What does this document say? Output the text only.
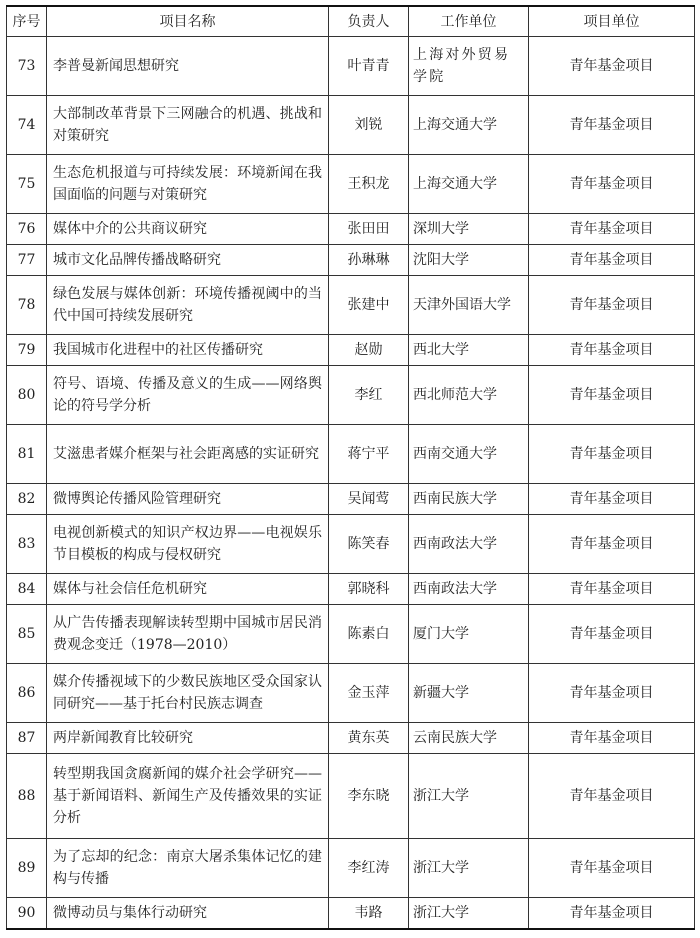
序号	项目名称	负责人	工作单位	项目单位
73	李普曼新闻思想研究	叶青青	上海对外贸易学院	青年基金项目
74	大部制改革背景下三网融合的机遇、挑战和对策研究	刘锐	上海交通大学	青年基金项目
75	生态危机报道与可持续发展：环境新闻在我国面临的问题与对策研究	王积龙	上海交通大学	青年基金项目
76	媒体中介的公共商议研究	张田田	深圳大学	青年基金项目
77	城市文化品牌传播战略研究	孙琳琳	沈阳大学	青年基金项目
78	绿色发展与媒体创新：环境传播视阈中的当代中国可持续发展研究	张建中	天津外国语大学	青年基金项目
79	我国城市化进程中的社区传播研究	赵勋	西北大学	青年基金项目
80	符号、语境、传播及意义的生成——网络舆论的符号学分析	李红	西北师范大学	青年基金项目
81	艾滋患者媒介框架与社会距离感的实证研究	蒋宁平	西南交通大学	青年基金项目
82	微博舆论传播风险管理研究	吴闻莺	西南民族大学	青年基金项目
83	电视创新模式的知识产权边界——电视娱乐节目模板的构成与侵权研究	陈笑春	西南政法大学	青年基金项目
84	媒体与社会信任危机研究	郭晓科	西南政法大学	青年基金项目
85	从广告传播表现解读转型期中国城市居民消费观念变迁（1978—2010）	陈素白	厦门大学	青年基金项目
86	媒介传播视域下的少数民族地区受众国家认同研究——基于托台村民族志调查	金玉萍	新疆大学	青年基金项目
87	两岸新闻教育比较研究	黄东英	云南民族大学	青年基金项目
88	转型期我国贪腐新闻的媒介社会学研究——基于新闻语料、新闻生产及传播效果的实证分析	李东晓	浙江大学	青年基金项目
89	为了忘却的纪念：南京大屠杀集体记忆的建构与传播	李红涛	浙江大学	青年基金项目
90	微博动员与集体行动研究	韦路	浙江大学	青年基金项目
